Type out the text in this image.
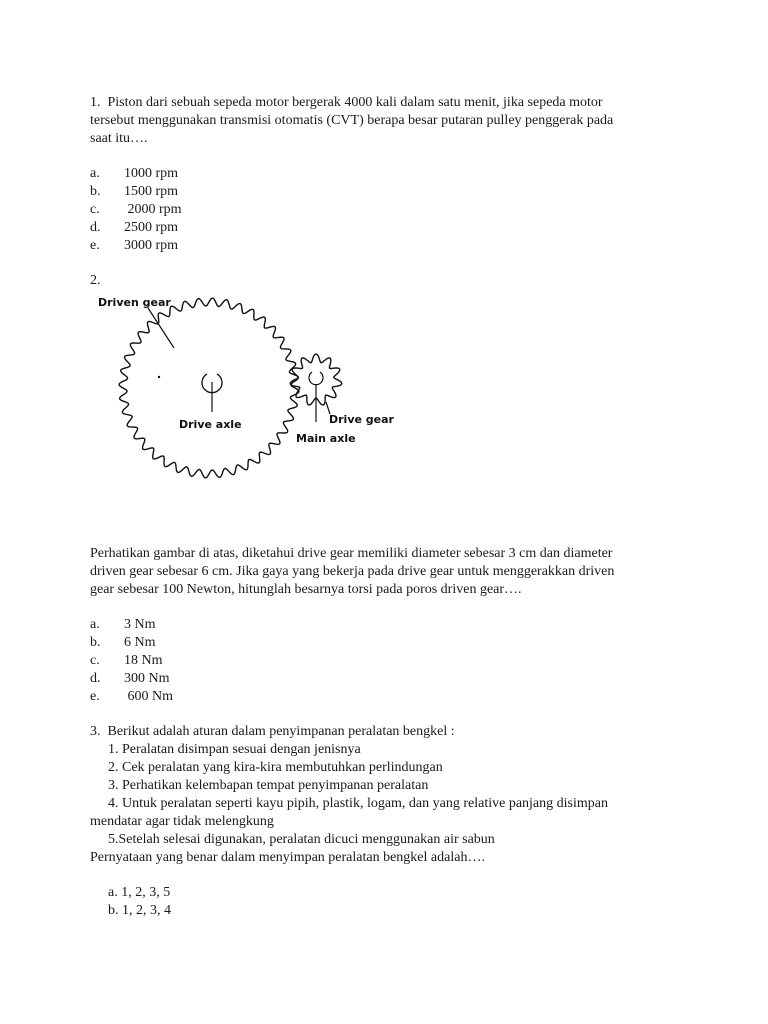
1.  Piston dari sebuah sepeda motor bergerak 4000 kali dalam satu menit, jika sepeda motor
tersebut menggunakan transmisi otomatis (CVT) berapa besar putaran pulley penggerak pada
saat itu….
a. 1000 rpm
b. 1500 rpm
c. 2000 rpm
d. 2500 rpm
e. 3000 rpm
2.
Driven gear
Drive axle	Drive gear
Main axle
Perhatikan gambar di atas, diketahui drive gear memiliki diameter sebesar 3 cm dan diameter
driven gear sebesar 6 cm. Jika gaya yang bekerja pada drive gear untuk menggerakkan driven
gear sebesar 100 Newton, hitunglah besarnya torsi pada poros driven gear….
a. 3 Nm
b. 6 Nm
c. 18 Nm
d. 300 Nm
e. 600 Nm
3.  Berikut adalah aturan dalam penyimpanan peralatan bengkel :
1. Peralatan disimpan sesuai dengan jenisnya
2. Cek peralatan yang kira-kira membutuhkan perlindungan
3. Perhatikan kelembapan tempat penyimpanan peralatan
4. Untuk peralatan seperti kayu pipih, plastik, logam, dan yang relative panjang disimpan
mendatar agar tidak melengkung
5.Setelah selesai digunakan, peralatan dicuci menggunakan air sabun
Pernyataan yang benar dalam menyimpan peralatan bengkel adalah….
a. 1, 2, 3, 5
b. 1, 2, 3, 4
